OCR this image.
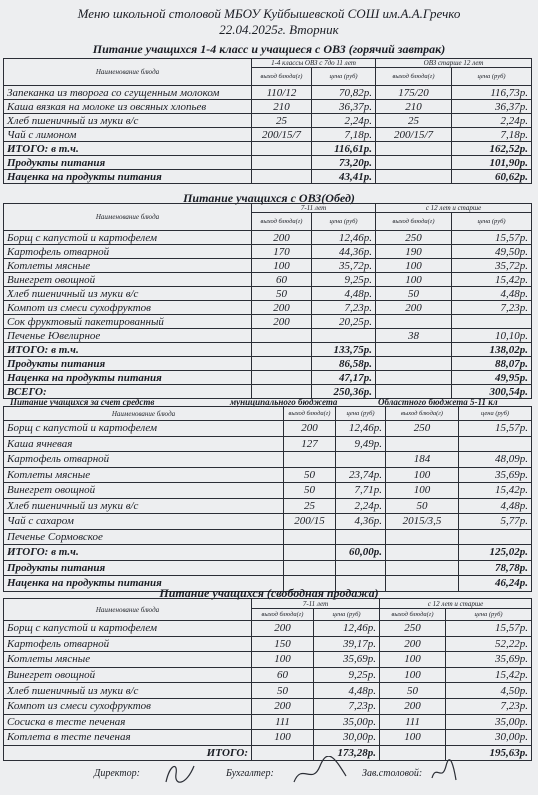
Меню школьной столовой МБОУ Куйбышевской СОШ им.А.А.Гречко
22.04.2025г. Вторник
Питание учащихся 1-4 класс и учащиеся с ОВЗ (горячий завтрак)
Наименование блюда	1-4 классы ОВЗ с 7до 11 лет		ОВЗ старше 12 лет	
	выход блюда(г)	цена (руб)	выход блюда(г)	цена (руб)
Запеканка из творога со сгущенным молоком	110/12	70,82р.	175/20	116,73р.
Каша вязкая на молоке из овсяных хлопьев	210	36,37р.	210	36,37р.
Хлеб пшеничный из муки в/с	25	2,24р.	25	2,24р.
Чай с лимоном	200/15/7	7,18р.	200/15/7	7,18р.
ИТОГО: в т.ч.		116,61р.		162,52р.
Продукты питания		73,20р.		101,90р.
Наценка на продукты питания		43,41р.		60,62р.
Питание учащихся с ОВЗ(Обед)
Наименование блюда	7-11 лет		с 12 лет и старше	
	выход блюда(г)	цена (руб)	выход блюда(г)	цена (руб)
Борщ с капустой и картофелем	200	12,46р.	250	15,57р.
Картофель отварной	170	44,36р.	190	49,50р.
Котлеты мясные	100	35,72р.	100	35,72р.
Винегрет овощной	60	9,25р.	100	15,42р.
Хлеб пшеничный из муки в/с	50	4,48р.	50	4,48р.
Компот из смеси сухофруктов	200	7,23р.	200	7,23р.
Сок фруктовый пакетированный	200	20,25р.		
Печенье Ювелирное			38	10,10р.
ИТОГО: в т.ч.		133,75р.		138,02р.
Продукты питания		86,58р.		88,07р.
Наценка на продукты питания		47,17р.		49,95р.
ВСЕГО:		250,36р.		300,54р.
Питание учащихся за счет средств	муниципального бюджета	Областного бюджета 5-11 кл
Наименование блюда	выход блюда(г)	цена (руб)	выход блюда(г)	цена (руб)
Борщ с капустой и картофелем	200	12,46р.	250	15,57р.
Каша ячневая	127	9,49р.		
Картофель отварной			184	48,09р.
Котлеты мясные	50	23,74р.	100	35,69р.
Винегрет овощной	50	7,71р.	100	15,42р.
Хлеб пшеничный из муки в/с	25	2,24р.	50	4,48р.
Чай с сахаром	200/15	4,36р.	2015/3,5	5,77р.
Печенье Сормовское				
ИТОГО: в т.ч.		60,00р.		125,02р.
Продукты питания				78,78р.
Наценка на продукты питания				46,24р.
Питание учащихся (свободная продажа)
Наименование блюда	7-11 лет		с 12 лет и старше	
	выход блюда(г)	цена (руб)	выход блюда(г)	цена (руб)
Борщ с капустой и картофелем	200	12,46р.	250	15,57р.
Картофель отварной	150	39,17р.	200	52,22р.
Котлеты мясные	100	35,69р.	100	35,69р.
Винегрет овощной	60	9,25р.	100	15,42р.
Хлеб пшеничный из муки в/с	50	4,48р.	50	4,50р.
Компот из смеси сухофруктов	200	7,23р.	200	7,23р.
Сосиска в тесте печеная	111	35,00р.	111	35,00р.
Котлета в тесте печеная	100	30,00р.	100	30,00р.
ИТОГО:		173,28р.		195,63р.
Директор:	Бухгалтер:	Зав.столовой:
